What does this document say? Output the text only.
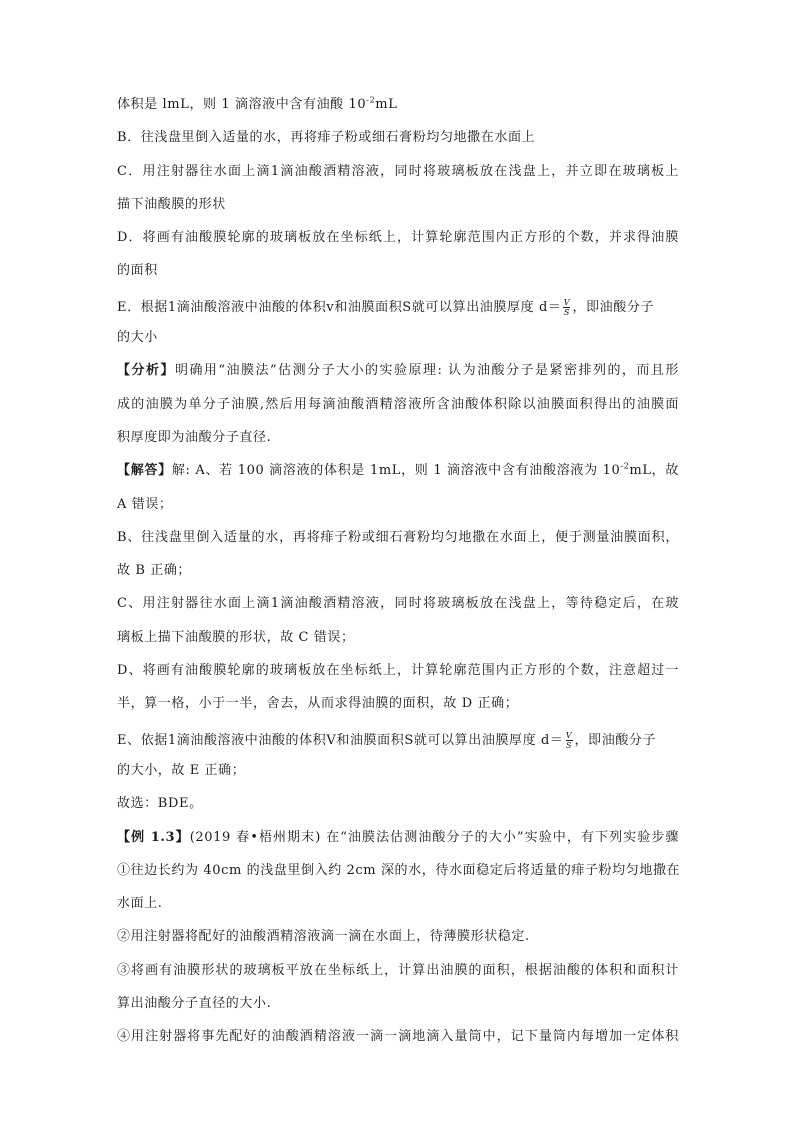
体积是 lmL，则 1 滴溶液中含有油酸 $10^{-2}mL$
B．往浅盘里倒入适量的水，再将痱子粉或细石膏粉均匀地撒在水面上
C．用注射器往水面上滴1滴油酸酒精溶液，同时将玻璃板放在浅盘上，并立即在玻璃板上
描下油酸膜的形状
D．将画有油酸膜轮廓的玻璃板放在坐标纸上，计算轮廓范围内正方形的个数，并求得油膜
的面积
E．根据1滴油酸溶液中油酸的体积v和油膜面积S就可以算出油膜厚度 $d= \frac{V}{S}$ ，即油酸分子
的大小
【分析】明确用“油膜法”估测分子大小的实验原理: 认为油酸分子是紧密排列的，而且形
成的油膜为单分子油膜,然后用每滴油酸酒精溶液所含油酸体积除以油膜面积得出的油膜面
积厚度即为油酸分子直径.
【解答】解: A、若 100 滴溶液的体积是 1mL，则 1 滴溶液中含有油酸溶液为 $10^{-2}mL$，故
A 错误；
B、往浅盘里倒入适量的水，再将痱子粉或细石膏粉均匀地撒在水面上，便于测量油膜面积，
故 B 正确；
C、用注射器往水面上滴1滴油酸酒精溶液，同时将玻璃板放在浅盘上，等待稳定后，在玻
璃板上描下油酸膜的形状，故 C 错误；
D、将画有油酸膜轮廓的玻璃板放在坐标纸上，计算轮廓范围内正方形的个数，注意超过一
半，算一格，小于一半，舍去，从而求得油膜的面积，故 D 正确；
E、依据1滴油酸溶液中油酸的体积V和油膜面积S就可以算出油膜厚度 $d= \frac{V}{S}$ ，即油酸分子
的大小，故 E 正确；
故选：BDE。
【例 1.3】(2019 春•梧州期末) 在“油膜法估测油酸分子的大小”实验中，有下列实验步骤
①往边长约为 40cm 的浅盘里倒入约 2cm 深的水，待水面稳定后将适量的痱子粉均匀地撒在
水面上.
②用注射器将配好的油酸酒精溶液滴一滴在水面上，待薄膜形状稳定.
③将画有油膜形状的玻璃板平放在坐标纸上，计算出油膜的面积，根据油酸的体积和面积计
算出油酸分子直径的大小.
④用注射器将事先配好的油酸酒精溶液一滴一滴地滴入量筒中，记下量筒内每增加一定体积
